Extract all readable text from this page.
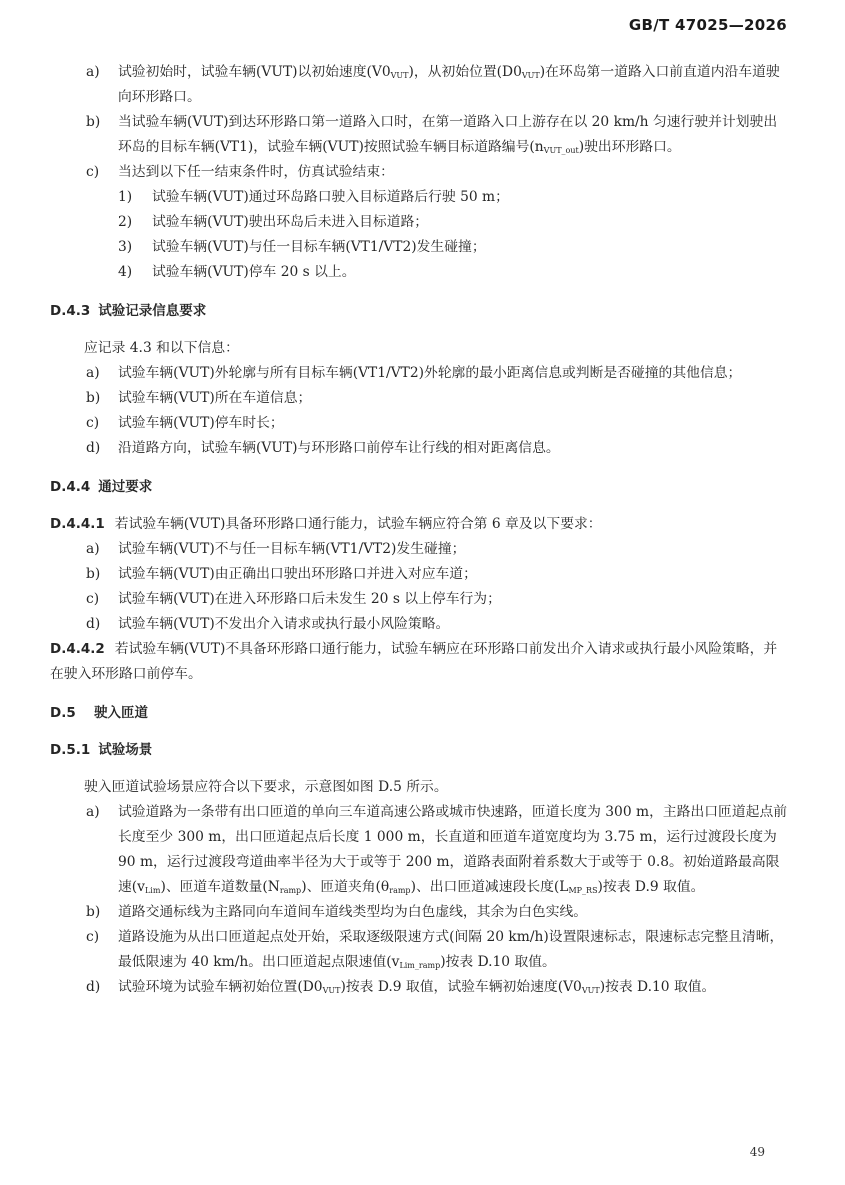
GB/T 47025—2026
a) 试验初始时，试验车辆(VUT)以初始速度$(V0_{VUT})$，从初始位置$(D0_{VUT})$在环岛第一道路入口前直道内沿车道驶向环形路口。
b) 当试验车辆(VUT)到达环形路口第一道路入口时，在第一道路入口上游存在以 20 km/h 匀速行驶并计划驶出环岛的目标车辆(VT1)，试验车辆(VUT)按照试验车辆目标道路编号$(n_{VUT\_out})$驶出环形路口。
c) 当达到以下任一结束条件时，仿真试验结束：
1) 试验车辆(VUT)通过环岛路口驶入目标道路后行驶 50 m；
2) 试验车辆(VUT)驶出环岛后未进入目标道路；
3) 试验车辆(VUT)与任一目标车辆(VT1/VT2)发生碰撞；
4) 试验车辆(VUT)停车 20 s 以上。
D.4.3 试验记录信息要求
应记录 4.3 和以下信息：
a) 试验车辆(VUT)外轮廓与所有目标车辆(VT1/VT2)外轮廓的最小距离信息或判断是否碰撞的其他信息；
b) 试验车辆(VUT)所在车道信息；
c) 试验车辆(VUT)停车时长；
d) 沿道路方向，试验车辆(VUT)与环形路口前停车让行线的相对距离信息。
D.4.4 通过要求
D.4.4.1 若试验车辆(VUT)具备环形路口通行能力，试验车辆应符合第 6 章及以下要求：
a) 试验车辆(VUT)不与任一目标车辆(VT1/VT2)发生碰撞；
b) 试验车辆(VUT)由正确出口驶出环形路口并进入对应车道；
c) 试验车辆(VUT)在进入环形路口后未发生 20 s 以上停车行为；
d) 试验车辆(VUT)不发出介入请求或执行最小风险策略。
D.4.4.2 若试验车辆(VUT)不具备环形路口通行能力，试验车辆应在环形路口前发出介入请求或执行最小风险策略，并在驶入环形路口前停车。
D.5 驶入匝道
D.5.1 试验场景
驶入匝道试验场景应符合以下要求，示意图如图 D.5 所示。
a) 试验道路为一条带有出口匝道的单向三车道高速公路或城市快速路，匝道长度为 300 m，主路出口匝道起点前长度至少 300 m，出口匝道起点后长度 1 000 m，长直道和匝道车道宽度均为 3.75 m，运行过渡段长度为 90 m，运行过渡段弯道曲率半径为大于或等于 200 m，道路表面附着系数大于或等于 0.8。初始道路最高限速$(v_{Lim})$、匝道车道数量$(N_{ramp})$、匝道夹角$(\theta_{ramp})$、出口匝道减速段长度$(L_{MP\_RS})$按表 D.9 取值。
b) 道路交通标线为主路同向车道间车道线类型均为白色虚线，其余为白色实线。
c) 道路设施为从出口匝道起点处开始，采取逐级限速方式(间隔 20 km/h)设置限速标志，限速标志完整且清晰，最低限速为 40 km/h。出口匝道起点限速值$(v_{Lim\_ramp})$按表 D.10 取值。
d) 试验环境为试验车辆初始位置$(D0_{VUT})$按表 D.9 取值，试验车辆初始速度$(V0_{VUT})$按表 D.10 取值。
49
